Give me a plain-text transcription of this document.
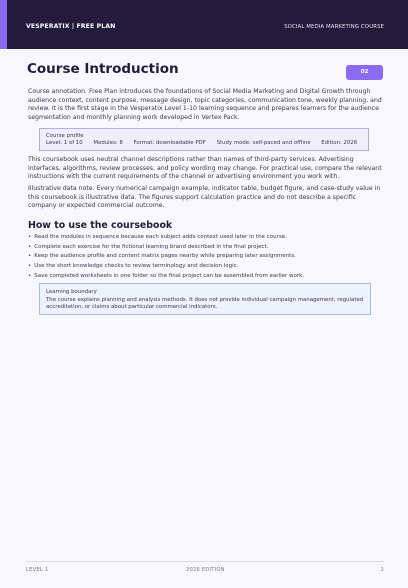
VESPERATIX | FREE PLAN	SOCIAL MEDIA MARKETING COURSE
Course Introduction	02

Course annotation. Free Plan introduces the foundations of Social Media Marketing and Digital Growth through audience context, content purpose, message design, topic categories, communication tone, weekly planning, and review. It is the first stage in the Vesperatix Level 1-10 learning sequence and prepares learners for the audience segmentation and monthly planning work developed in Vertex Pack.

Course profile
Level: 1 of 10 Modules: 8 Format: downloadable PDF Study mode: self-paced and offline Edition: 2026

This coursebook uses neutral channel descriptions rather than names of third-party services. Advertising interfaces, algorithms, review processes, and policy wording may change. For practical use, compare the relevant instructions with the current requirements of the channel or advertising environment you work with.

Illustrative data note. Every numerical campaign example, indicator table, budget figure, and case-study value in this coursebook is illustrative data. The figures support calculation practice and do not describe a specific company or expected commercial outcome.

How to use the coursebook
• Read the modules in sequence because each subject adds context used later in the course.
• Complete each exercise for the fictional learning brand described in the final project.
• Keep the audience profile and content matrix pages nearby while preparing later assignments.
• Use the short knowledge checks to review terminology and decision logic.
• Save completed worksheets in one folder so the final project can be assembled from earlier work.
Learning boundary
The course explains planning and analysis methods. It does not provide individual campaign management, regulated accreditation, or claims about particular commercial indicators.
LEVEL 1	2026 EDITION	2
